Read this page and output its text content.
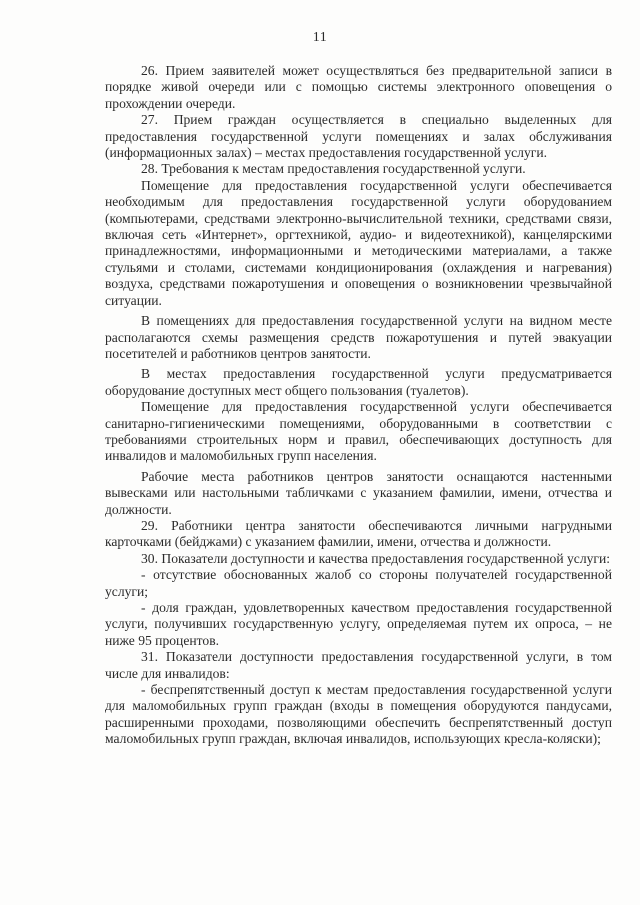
11

26. Прием заявителей может осуществляться без предварительной записи в порядке живой очереди или с помощью системы электронного оповещения о прохождении очереди.

27. Прием граждан осуществляется в специально выделенных для предоставления государственной услуги помещениях и залах обслуживания (информационных залах) – местах предоставления государственной услуги.

28. Требования к местам предоставления государственной услуги.

Помещение для предоставления государственной услуги обеспечивается необходимым для предоставления государственной услуги оборудованием (компьютерами, средствами электронно-вычислительной техники, средствами связи, включая сеть «Интернет», оргтехникой, аудио- и видеотехникой), канцелярскими принадлежностями, информационными и методическими материалами, а также стульями и столами, системами кондиционирования (охлаждения и нагревания) воздуха, средствами пожаротушения и оповещения о возникновении чрезвычайной ситуации.

В помещениях для предоставления государственной услуги на видном месте располагаются схемы размещения средств пожаротушения и путей эвакуации посетителей и работников центров занятости.

В местах предоставления государственной услуги предусматривается оборудование доступных мест общего пользования (туалетов).

Помещение для предоставления государственной услуги обеспечивается санитарно-гигиеническими помещениями, оборудованными в соответствии с требованиями строительных норм и правил, обеспечивающих доступность для инвалидов и маломобильных групп населения.

Рабочие места работников центров занятости оснащаются настенными вывесками или настольными табличками с указанием фамилии, имени, отчества и должности.

29. Работники центра занятости обеспечиваются личными нагрудными карточками (бейджами) с указанием фамилии, имени, отчества и должности.

30. Показатели доступности и качества предоставления государственной услуги:

- отсутствие обоснованных жалоб со стороны получателей государственной услуги;

- доля граждан, удовлетворенных качеством предоставления государственной услуги, получивших государственную услугу, определяемая путем их опроса, – не ниже 95 процентов.

31. Показатели доступности предоставления государственной услуги, в том числе для инвалидов:

- беспрепятственный доступ к местам предоставления государственной услуги для маломобильных групп граждан (входы в помещения оборудуются пандусами, расширенными проходами, позволяющими обеспечить беспрепятственный доступ маломобильных групп граждан, включая инвалидов, использующих кресла-коляски);
